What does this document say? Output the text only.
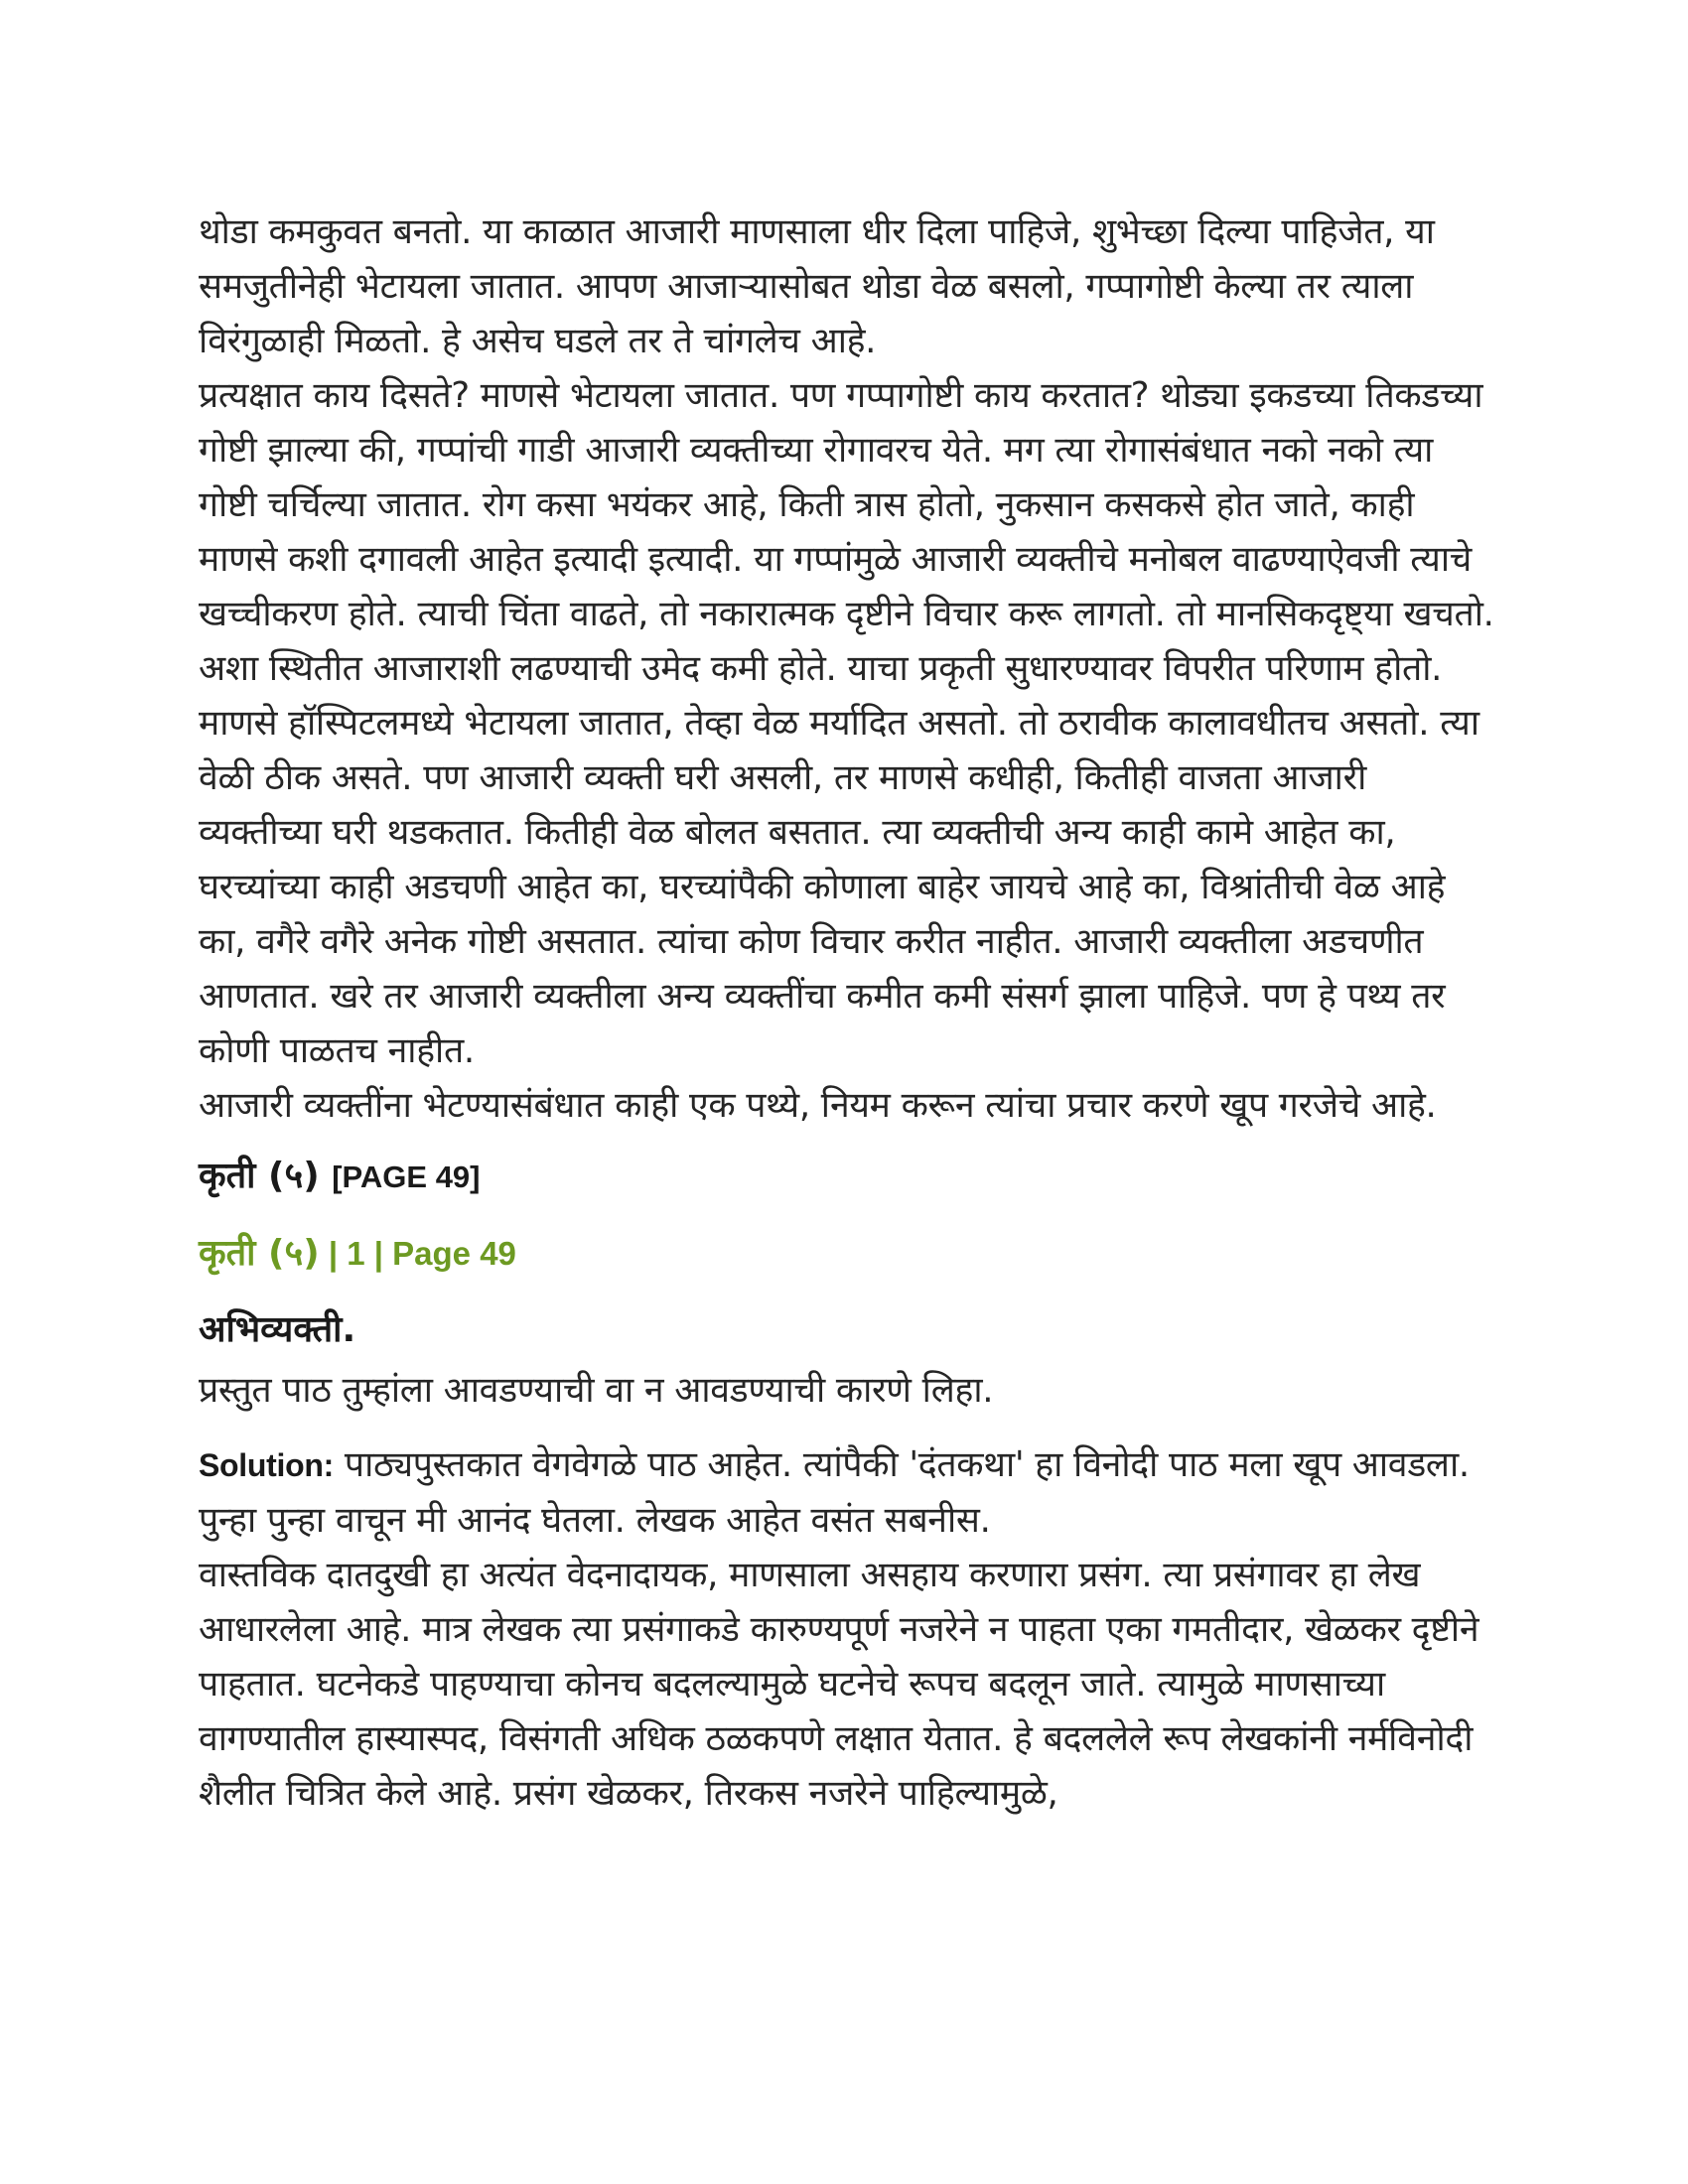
थोडा कमकुवत बनतो. या काळात आजारी माणसाला धीर दिला पाहिजे, शुभेच्छा दिल्या पाहिजेत, या समजुतीनेही भेटायला जातात. आपण आजाऱ्यासोबत थोडा वेळ बसलो, गप्पागोष्टी केल्या तर त्याला विरंगुळाही मिळतो. हे असेच घडले तर ते चांगलेच आहे.

प्रत्यक्षात काय दिसते? माणसे भेटायला जातात. पण गप्पागोष्टी काय करतात? थोड्या इकडच्या तिकडच्या गोष्टी झाल्या की, गप्पांची गाडी आजारी व्यक्तीच्या रोगावरच येते. मग त्या रोगासंबंधात नको नको त्या गोष्टी चर्चिल्या जातात. रोग कसा भयंकर आहे, किती त्रास होतो, नुकसान कसकसे होत जाते, काही माणसे कशी दगावली आहेत इत्यादी इत्यादी. या गप्पांमुळे आजारी व्यक्तीचे मनोबल वाढण्याऐवजी त्याचे खच्चीकरण होते. त्याची चिंता वाढते, तो नकारात्मक दृष्टीने विचार करू लागतो. तो मानसिकदृष्ट्या खचतो. अशा स्थितीत आजाराशी लढण्याची उमेद कमी होते. याचा प्रकृती सुधारण्यावर विपरीत परिणाम होतो.

माणसे हॉस्पिटलमध्ये भेटायला जातात, तेव्हा वेळ मर्यादित असतो. तो ठरावीक कालावधीतच असतो. त्या वेळी ठीक असते. पण आजारी व्यक्ती घरी असली, तर माणसे कधीही, कितीही वाजता आजारी व्यक्तीच्या घरी थडकतात. कितीही वेळ बोलत बसतात. त्या व्यक्तीची अन्य काही कामे आहेत का, घरच्यांच्या काही अडचणी आहेत का, घरच्यांपैकी कोणाला बाहेर जायचे आहे का, विश्रांतीची वेळ आहे का, वगैरे वगैरे अनेक गोष्टी असतात. त्यांचा कोण विचार करीत नाहीत. आजारी व्यक्तीला अडचणीत आणतात. खरे तर आजारी व्यक्तीला अन्य व्यक्तींचा कमीत कमी संसर्ग झाला पाहिजे. पण हे पथ्य तर कोणी पाळतच नाहीत.

आजारी व्यक्तींना भेटण्यासंबंधात काही एक पथ्ये, नियम करून त्यांचा प्रचार करणे खूप गरजेचे आहे.

कृती (५) [PAGE 49]

कृती (५) | 1 | Page 49

अभिव्यक्ती.

प्रस्तुत पाठ तुम्हांला आवडण्याची वा न आवडण्याची कारणे लिहा.

Solution: पाठ्यपुस्तकात वेगवेगळे पाठ आहेत. त्यांपैकी 'दंतकथा' हा विनोदी पाठ मला खूप आवडला. पुन्हा पुन्हा वाचून मी आनंद घेतला. लेखक आहेत वसंत सबनीस.

वास्तविक दातदुखी हा अत्यंत वेदनादायक, माणसाला असहाय करणारा प्रसंग. त्या प्रसंगावर हा लेख आधारलेला आहे. मात्र लेखक त्या प्रसंगाकडे कारुण्यपूर्ण नजरेने न पाहता एका गमतीदार, खेळकर दृष्टीने पाहतात. घटनेकडे पाहण्याचा कोनच बदलल्यामुळे घटनेचे रूपच बदलून जाते. त्यामुळे माणसाच्या वागण्यातील हास्यास्पद, विसंगती अधिक ठळकपणे लक्षात येतात. हे बदललेले रूप लेखकांनी नर्मविनोदी शैलीत चित्रित केले आहे. प्रसंग खेळकर, तिरकस नजरेने पाहिल्यामुळे,
